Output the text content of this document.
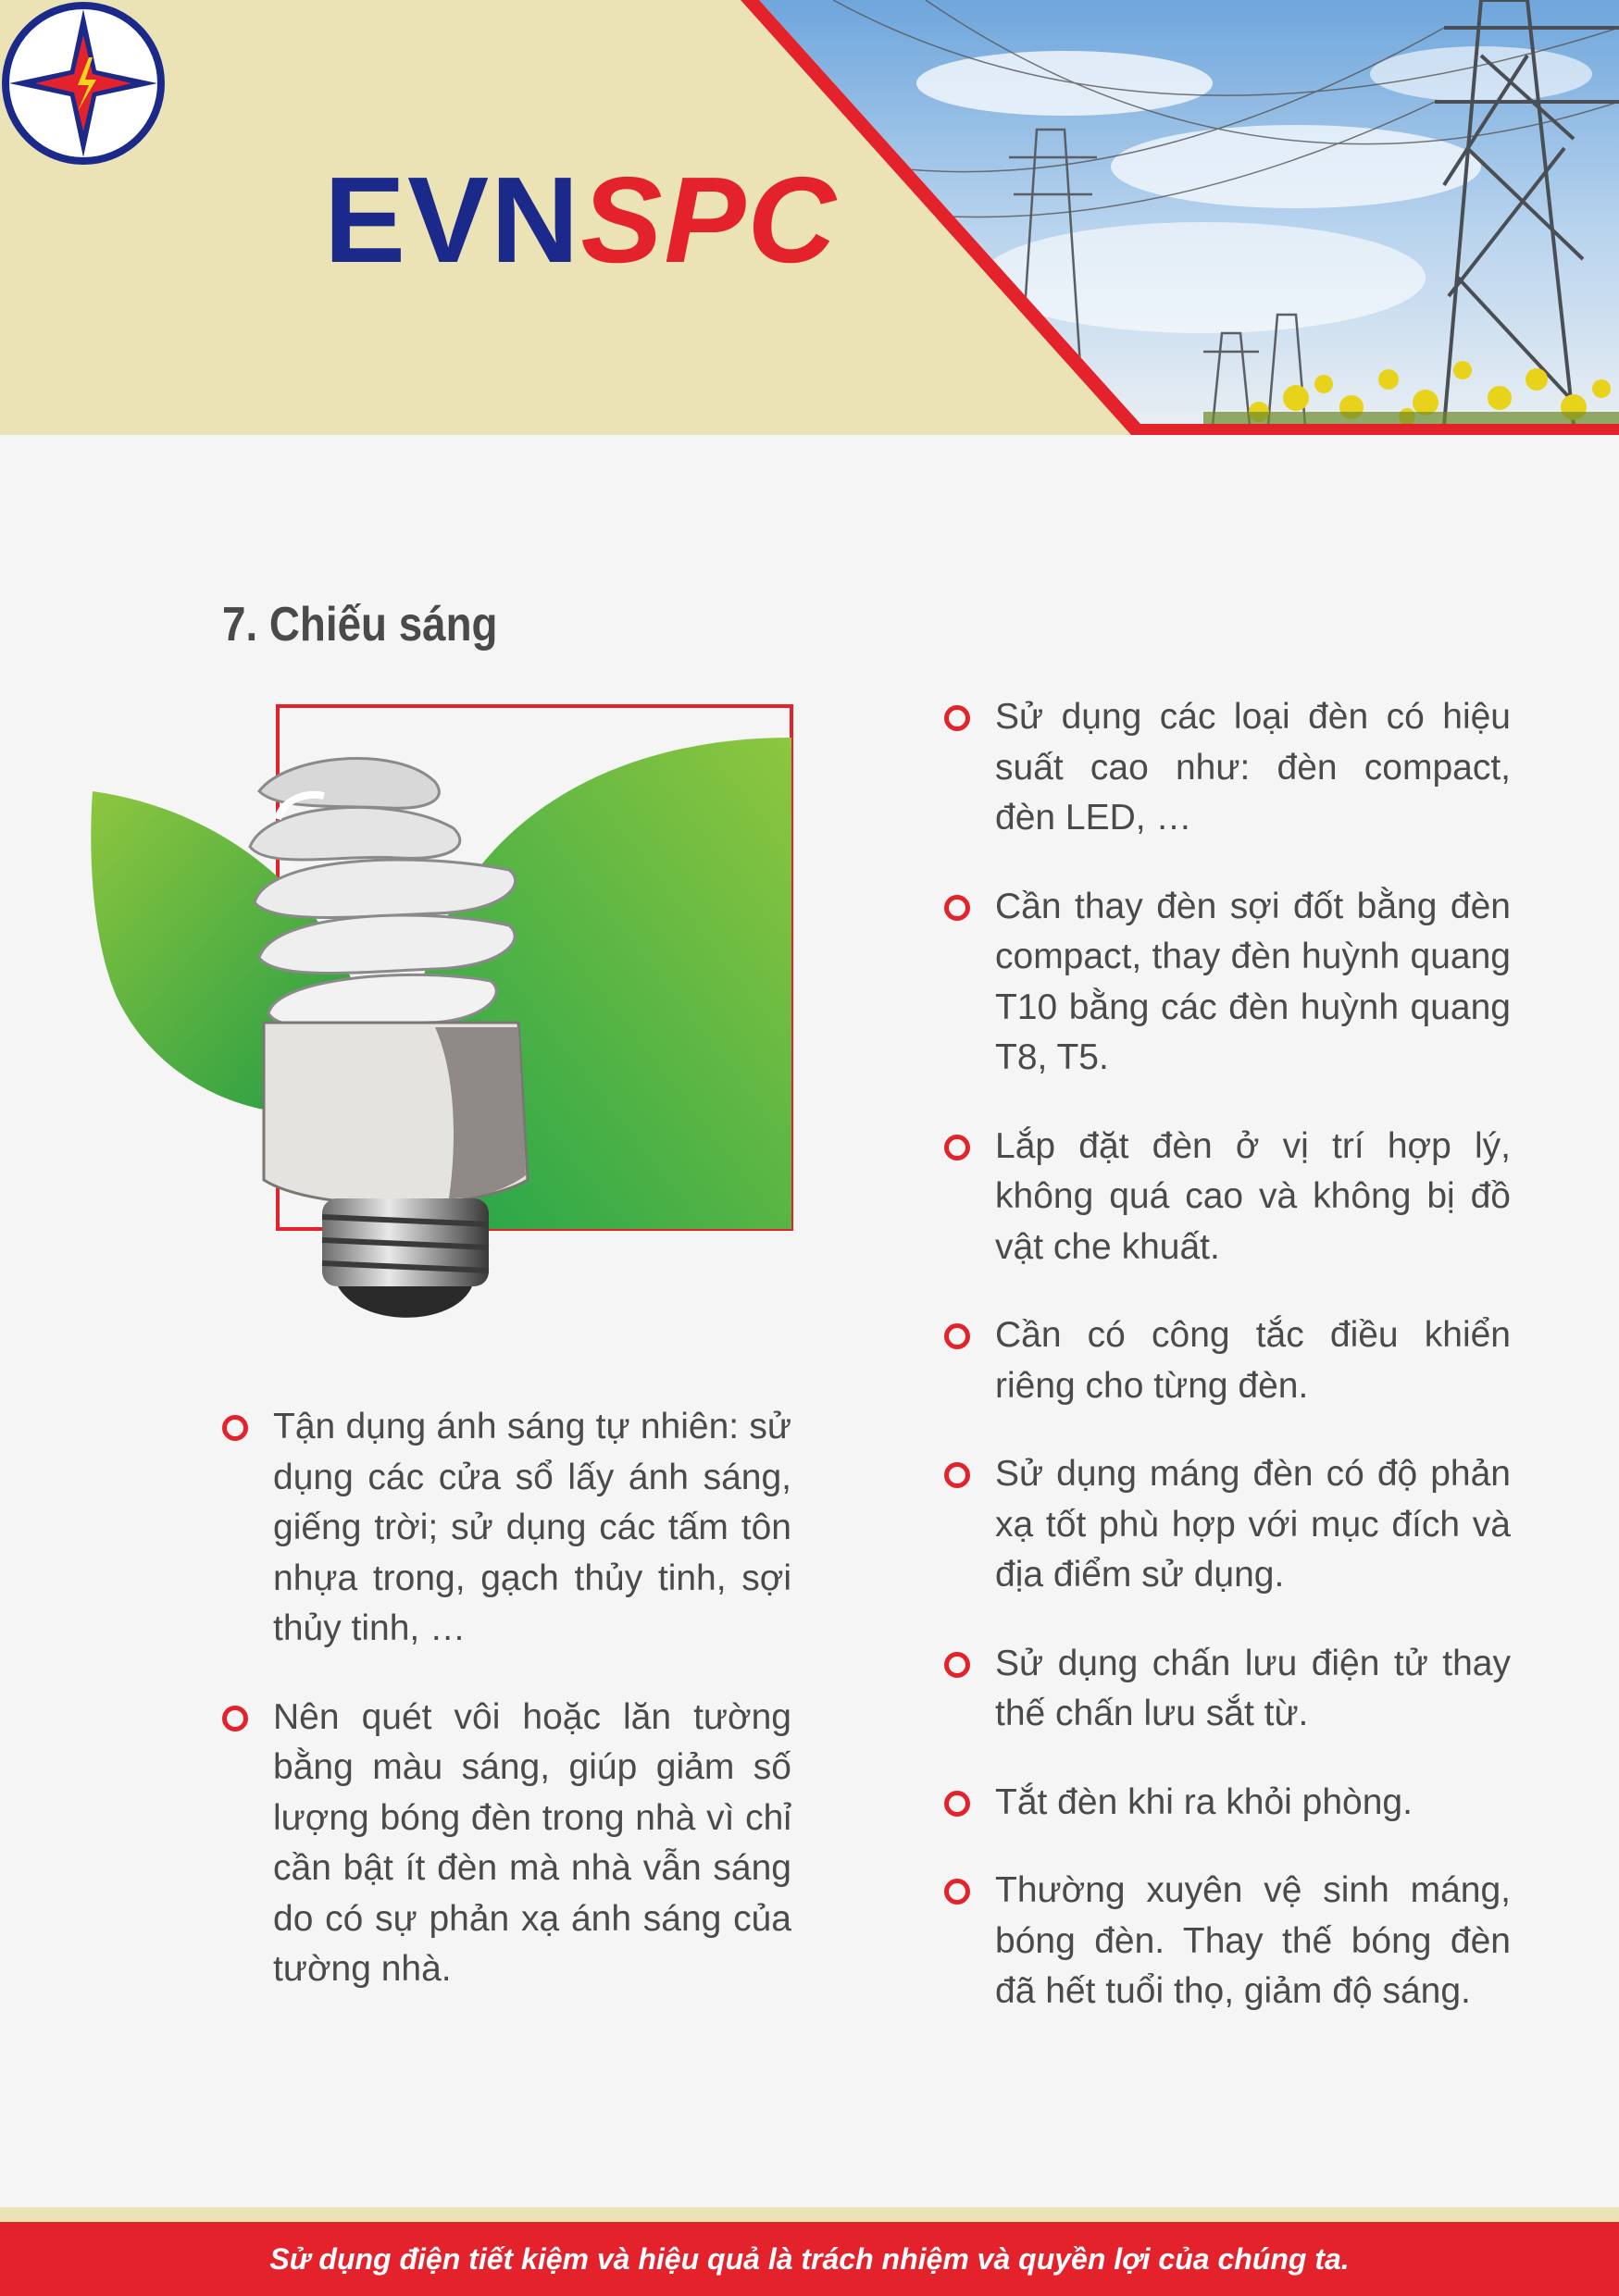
EVNSPC
7. Chiếu sáng
Tận dụng ánh sáng tự nhiên: sử dụng các cửa sổ lấy ánh sáng, giếng trời; sử dụng các tấm tôn nhựa trong, gạch thủy tinh, sợi thủy tinh, …
Nên quét vôi hoặc lăn tường bằng màu sáng, giúp giảm số lượng bóng đèn trong nhà vì chỉ cần bật ít đèn mà nhà vẫn sáng do có sự phản xạ ánh sáng của tường nhà.
Sử dụng các loại đèn có hiệu suất cao như: đèn compact, đèn LED, …
Cần thay đèn sợi đốt bằng đèn compact, thay đèn huỳnh quang T10 bằng các đèn huỳnh quang T8, T5.
Lắp đặt đèn ở vị trí hợp lý, không quá cao và không bị đồ vật che khuất.
Cần có công tắc điều khiển riêng cho từng đèn.
Sử dụng máng đèn có độ phản xạ tốt phù hợp với mục đích và địa điểm sử dụng.
Sử dụng chấn lưu điện tử thay thế chấn lưu sắt từ.
Tắt đèn khi ra khỏi phòng.
Thường xuyên vệ sinh máng, bóng đèn. Thay thế bóng đèn đã hết tuổi thọ, giảm độ sáng.
Sử dụng điện tiết kiệm và hiệu quả là trách nhiệm và quyền lợi của chúng ta.
